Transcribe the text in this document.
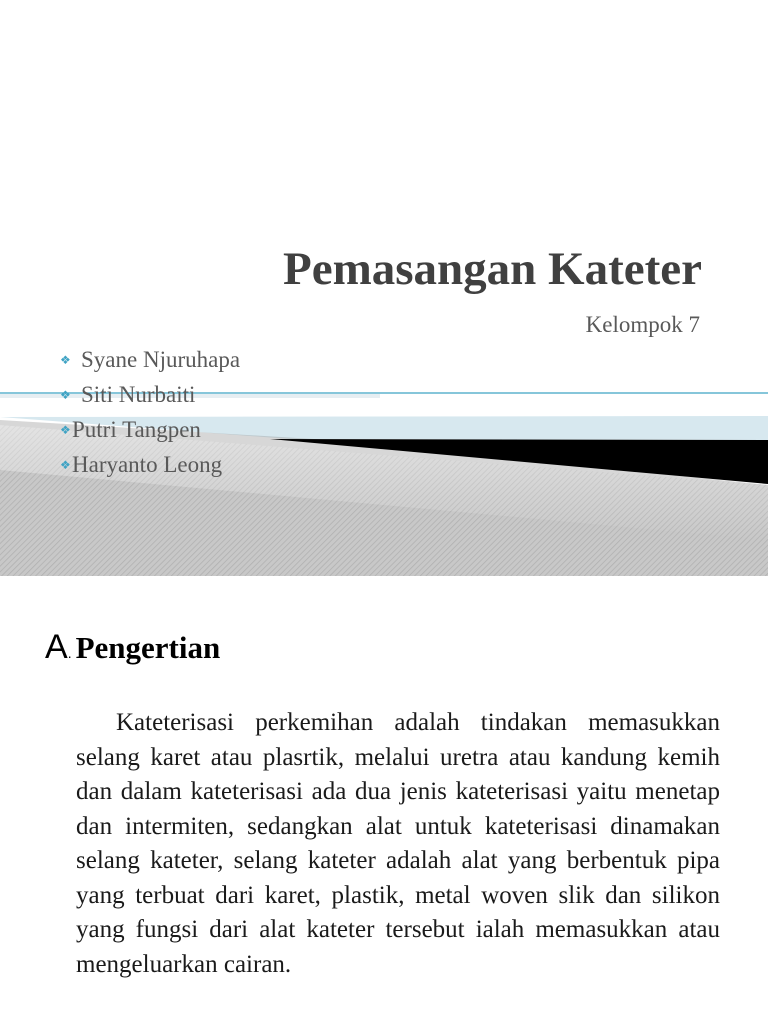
Pemasangan Kateter
Kelompok 7
❖ Syane Njuruhapa
❖ Siti Nurbaiti
❖Putri Tangpen
❖Haryanto Leong
A. Pengertian

Kateterisasi perkemihan adalah tindakan memasukkan selang karet atau plasrtik, melalui uretra atau kandung kemih dan dalam kateterisasi ada dua jenis kateterisasi yaitu menetap dan intermiten, sedangkan alat untuk kateterisasi dinamakan selang kateter, selang kateter adalah alat yang berbentuk pipa yang terbuat dari karet, plastik, metal woven slik dan silikon yang fungsi dari alat kateter tersebut ialah memasukkan atau mengeluarkan cairan.
